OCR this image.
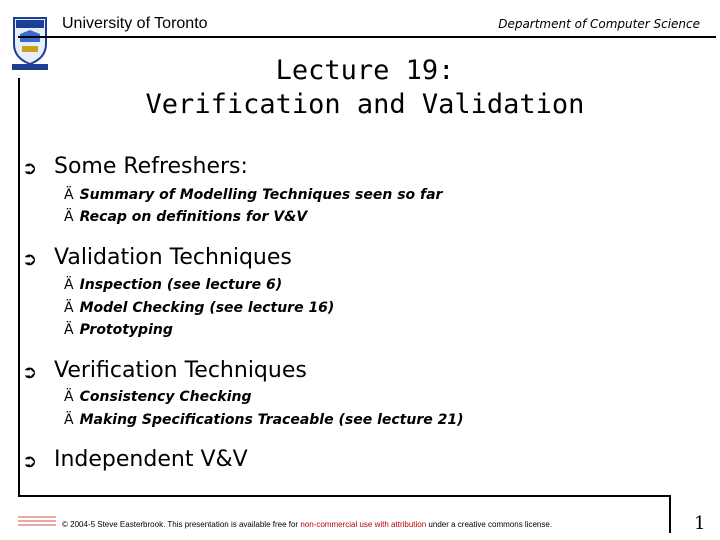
University of Toronto	Department of Computer Science
Lecture 19:
Verification and Validation
➲ Some Refreshers:
Ä Summary of Modelling Techniques seen so far
Ä Recap on definitions for V&V
➲ Validation Techniques
Ä Inspection (see lecture 6)
Ä Model Checking (see lecture 16)
Ä Prototyping
➲ Verification Techniques
Ä Consistency Checking
Ä Making Specifications Traceable (see lecture 21)
➲ Independent V&V
© 2004-5 Steve Easterbrook. This presentation is available free for non-commercial use with attribution under a creative commons license.	1
